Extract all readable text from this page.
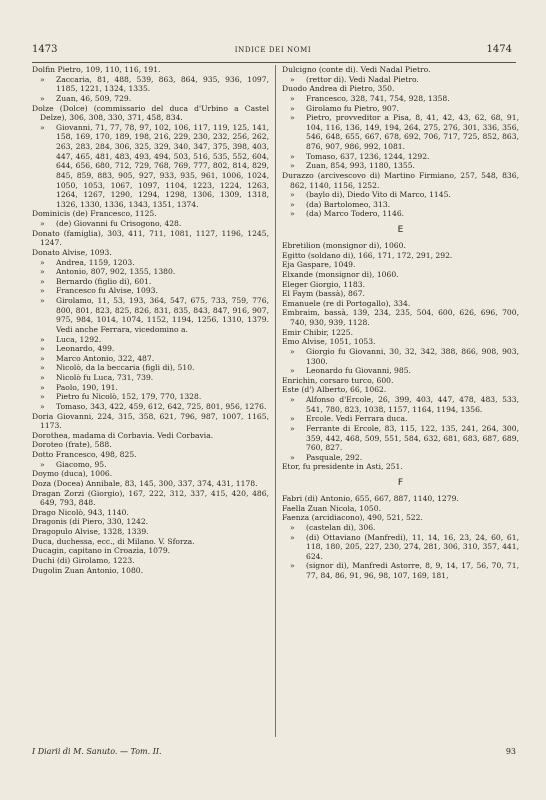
1473	INDICE DEI NOMI	1474
Dolfin Pietro, 109, 110, 116, 191.
» Zaccaria, 81, 488, 539, 863, 864, 935, 936, 1097, 1185, 1221, 1324, 1335.
» Zuan, 46, 509, 729.
Dolze (Dolce) (commissario del duca d'Urbino a Castel Delze), 306, 308, 330, 371, 458, 834.
» Giovanni, 71, 77, 78, 97, 102, 106, 117, 119, 125, 141, 158, 169, 170, 189, 198, 216, 229, 230, 232, 256, 262, 263, 283, 284, 306, 325, 329, 340, 347, 375, 398, 403, 447, 465, 481, 483, 493, 494, 503, 516, 535, 552, 604, 644, 656, 680, 712, 729, 768, 769, 777, 802, 814, 829, 845, 859, 883, 905, 927, 933, 935, 961, 1006, 1024, 1050, 1053, 1067, 1097, 1104, 1223, 1224, 1263, 1264, 1267, 1290, 1294, 1298, 1306, 1309, 1318, 1326, 1330, 1336, 1343, 1351, 1374.
Dominicis (de) Francesco, 1125.
» (de) Giovanni fu Crisogono, 428.
Donato (famiglia), 303, 411, 711, 1081, 1127, 1196, 1245, 1247.
Donato Alvise, 1093.
» Andrea, 1159, 1203.
» Antonio, 807, 902, 1355, 1380.
» Bernardo (figlio di), 601.
» Francesco fu Alvise, 1093.
» Girolamo, 11, 53, 193, 364, 547, 675, 733, 759, 776, 800, 801, 823, 825, 826, 831, 835, 843, 847, 916, 907, 975, 984, 1014, 1074, 1152, 1194, 1256, 1310, 1379. Vedi anche Ferrara, vicedomino a.
» Luca, 1292.
» Leonardo, 499.
» Marco Antonio, 322, 487.
» Nicolò, da la beccaria (figli di), 510.
» Nicolò fu Luca, 731, 739.
» Paolo, 190, 191.
» Pietro fu Nicolò, 152, 179, 770, 1328.
» Tomaso, 343, 422, 459, 612, 642, 725, 801, 956, 1276.
Doria Giovanni, 224, 315, 358, 621, 796, 987, 1007, 1165, 1173.
Dorothea, madama di Corbavia. Vedi Corbavia.
Doroteo (frate), 588.
Dotto Francesco, 498, 825.
» Giacomo, 95.
Doymo (duca), 1006.
Doza (Docea) Annibale, 83, 145, 300, 337, 374, 431, 1178.
Dragan Zorzi (Giorgio), 167, 222, 312, 337, 415, 420, 486, 649, 793, 848.
Drago Nicolò, 943, 1140.
Dragonis (di Piero, 330, 1242.
Dragopulo Alvise, 1328, 1339.
Duca, duchessa, ecc., di Milano. V. Sforza.
Ducagin, capitano in Croazia, 1079.
Duchi (di) Girolamo, 1223.
Dugolin Zuan Antonio, 1080.
Dulcigno (conte di). Vedi Nadal Pietro.
» (rettor di). Vedi Nadal Pietro.
Duodo Andrea di Pietro, 350.
» Francesco, 328, 741, 754, 928, 1358.
» Girolamo fu Pietro, 907.
» Pietro, provveditor a Pisa, 8, 41, 42, 43, 62, 68, 91, 104, 116, 136, 149, 194, 264, 275, 276, 301, 336, 356, 546, 648, 655, 667, 678, 692, 706, 717, 725, 852, 863, 876, 907, 986, 992, 1081.
» Tomaso, 637, 1236, 1244, 1292.
» Zuan, 854, 993, 1180, 1355.
Durazzo (arcivescovo di) Martino Firmiano, 257, 548, 836, 862, 1140, 1156, 1252.
» (baylo di), Diedo Vito di Marco, 1145.
» (da) Bartolomeo, 313.
» (da) Marco Todero, 1146.
E
Ebretilion (monsignor di), 1060.
Egitto (soldano di), 166, 171, 172, 291, 292.
Eja Gaspare, 1049.
Elxande (monsignor di), 1060.
Eleger Giorgio, 1183.
El Faym (bassà), 867.
Emanuele (re di Portogallo), 334.
Embraim, bassà, 139, 234, 235, 504, 600, 626, 696, 700, 740, 930, 939, 1128.
Emir Chibir, 1225.
Emo Alvise, 1051, 1053.
» Giorgio fu Giovanni, 30, 32, 342, 388, 866, 908, 903, 1300.
» Leonardo fu Giovanni, 985.
Enrichin, corsaro turco, 600.
Este (d') Alberto, 66, 1062.
» Alfonso d'Ercole, 26, 399, 403, 447, 478, 483, 533, 541, 780, 823, 1038, 1157, 1164, 1194, 1356.
» Ercole. Vedi Ferrara duca.
» Ferrante di Ercole, 83, 115, 122, 135, 241, 264, 300, 359, 442, 468, 509, 551, 584, 632, 681, 683, 687, 689, 760, 827.
» Pasquale, 292.
Etor, fu presidente in Asti, 251.
F
Fabri (di) Antonio, 655, 667, 887, 1140, 1279.
Faella Zuan Nicola, 1050.
Faenza (arcidiacono), 490, 521, 522.
» (castelan di), 306.
» (di) Ottaviano (Manfredi), 11, 14, 16, 23, 24, 60, 61, 118, 180, 205, 227, 230, 274, 281, 306, 310, 357, 441, 624.
» (signor di), Manfredi Astorre, 8, 9, 14, 17, 56, 70, 71, 77, 84, 86, 91, 96, 98, 107, 169, 181,
I Diarii di M. Sanuto. — Tom. II.	93
